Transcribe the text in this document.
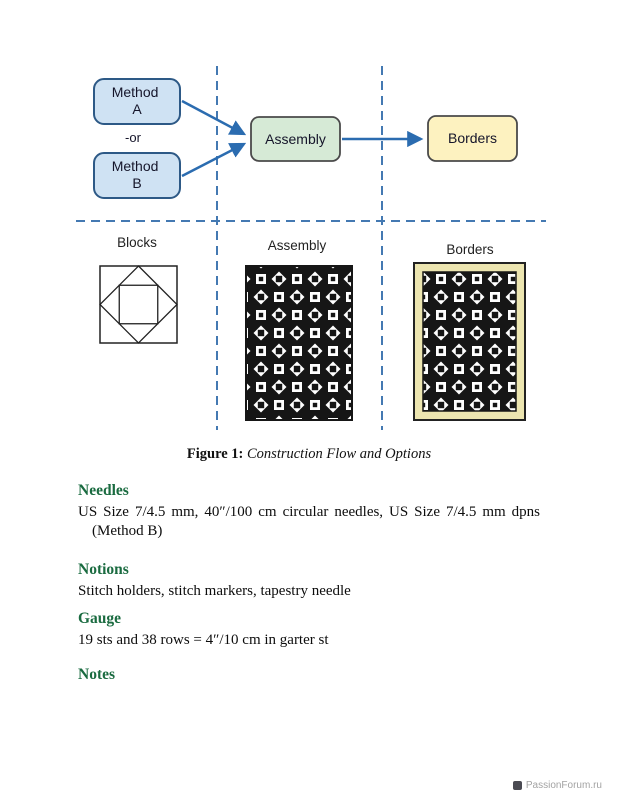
Method A
-or
Method B
Assembly	Borders
Blocks	Assembly	Borders
Figure 1: Construction Flow and Options
Needles
US Size 7/4.5 mm, 40″/100 cm circular needles, US Size 7/4.5 mm dpns
(Method B)
Notions
Stitch holders, stitch markers, tapestry needle
Gauge
19 sts and 38 rows = 4″/10 cm in garter st
Notes
PassionForum.ru
